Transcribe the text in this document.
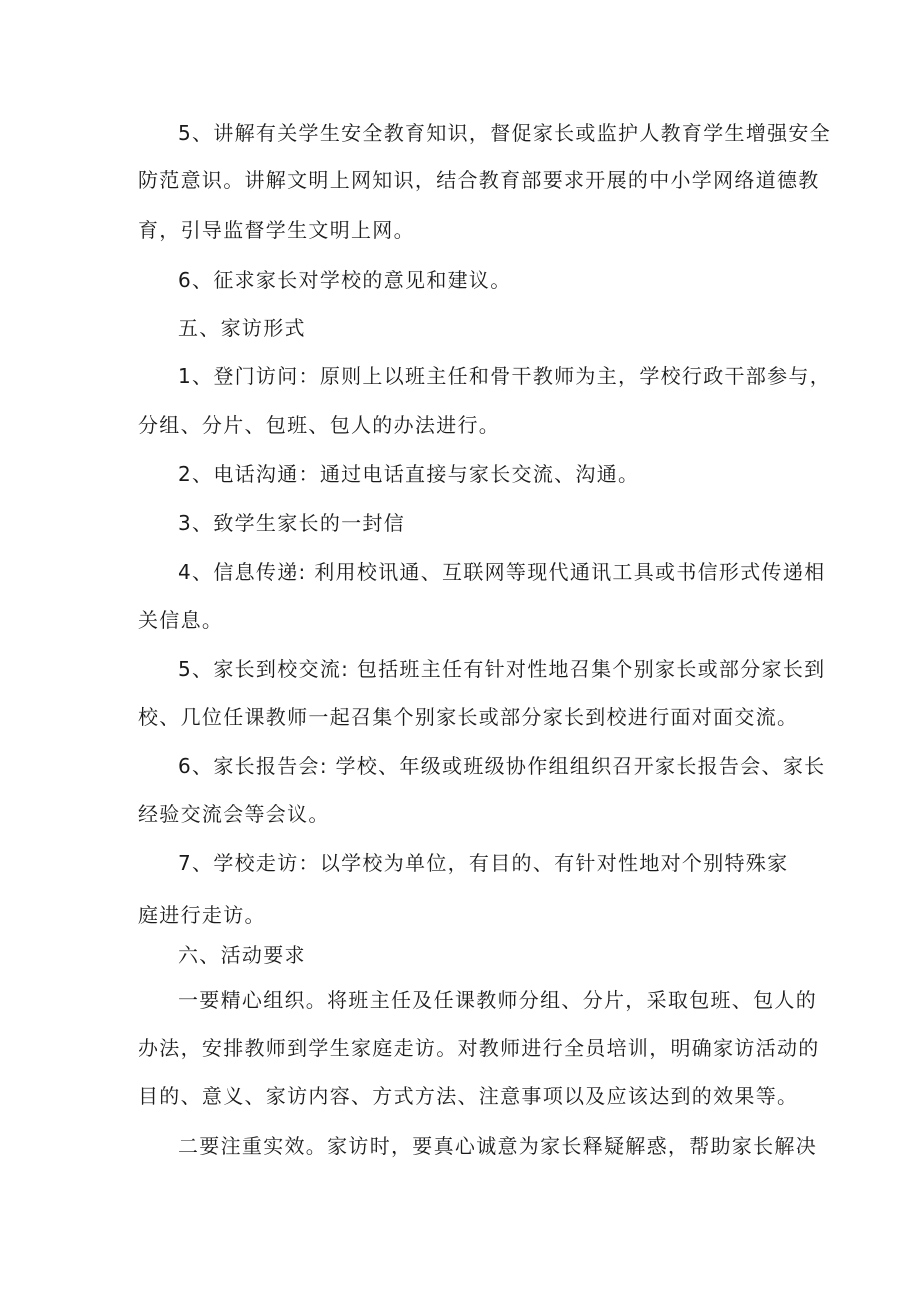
5、讲解有关学生安全教育知识，督促家长或监护人教育学生增强安全
防范意识。讲解文明上网知识，结合教育部要求开展的中小学网络道德教
育，引导监督学生文明上网。
6、征求家长对学校的意见和建议。
五、家访形式
1、登门访问：原则上以班主任和骨干教师为主，学校行政干部参与，
分组、分片、包班、包人的办法进行。
2、电话沟通：通过电话直接与家长交流、沟通。
3、致学生家长的一封信
4、信息传递: 利用校讯通、互联网等现代通讯工具或书信形式传递相
关信息。
5、家长到校交流: 包括班主任有针对性地召集个别家长或部分家长到
校、几位任课教师一起召集个别家长或部分家长到校进行面对面交流。
6、家长报告会: 学校、年级或班级协作组组织召开家长报告会、家长
经验交流会等会议。
7、学校走访：以学校为单位，有目的、有针对性地对个别特殊家
庭进行走访。
六、活动要求
一要精心组织。将班主任及任课教师分组、分片，采取包班、包人的
办法，安排教师到学生家庭走访。对教师进行全员培训，明确家访活动的
目的、意义、家访内容、方式方法、注意事项以及应该达到的效果等。
二要注重实效。家访时，要真心诚意为家长释疑解惑，帮助家长解决
